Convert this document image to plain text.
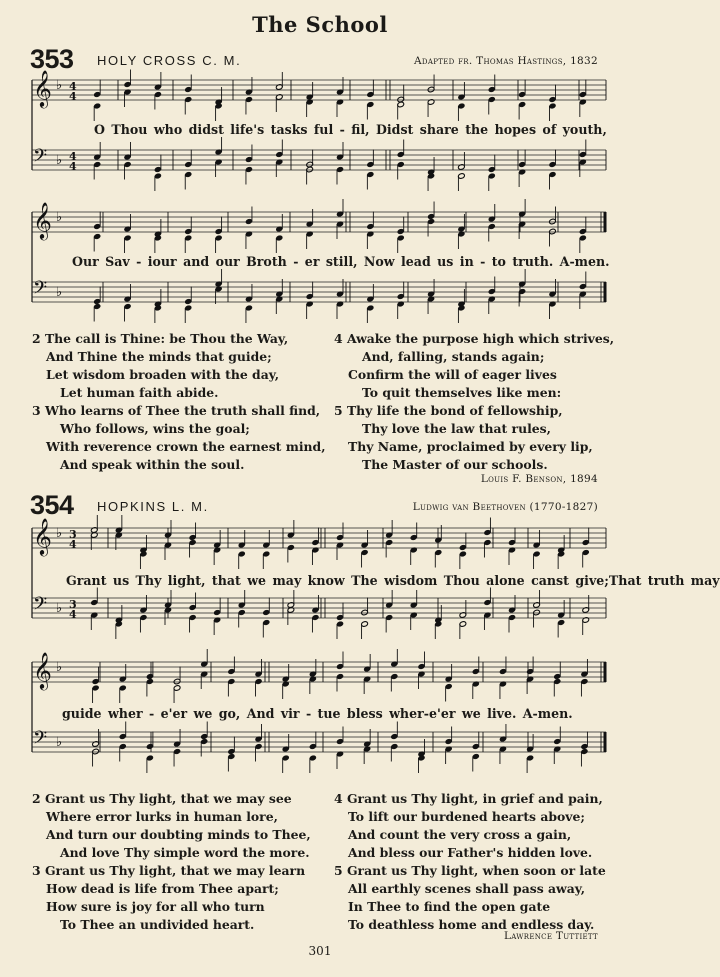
The School
353 HOLY CROSS C. M.	Adapted fr. Thomas Hastings, 1832
𝄞 ♭ 4
4
𝄢 ♭ 4
4
O Thou who didst life's tasks ful - fil, Didst share the hopes of youth,
𝄞 ♭
𝄢 ♭
Our Sav - iour and our Broth - er still, Now lead us in - to truth. A-men.
2 The call is Thine: be Thou the Way,
And Thine the minds that guide;
Let wisdom broaden with the day,
Let human faith abide.
3 Who learns of Thee the truth shall find,
Who follows, wins the goal;
With reverence crown the earnest mind,
And speak within the soul.
4 Awake the purpose high which strives,
And, falling, stands again;
Confirm the will of eager lives
To quit themselves like men:
5 Thy life the bond of fellowship,
Thy love the law that rules,
Thy Name, proclaimed by every lip,
The Master of our schools.
Louis F. Benson, 1894
354 HOPKINS L. M.	Ludwig van Beethoven (1770-1827)
𝄞 ♭ 3
4
𝄢 ♭ 3
4
Grant us Thy light, that we may know The wisdom Thou alone canst give;That truth may
𝄞 ♭
𝄢 ♭
guide wher - e'er we go, And vir - tue bless wher-e'er we live. A-men.
2 Grant us Thy light, that we may see
Where error lurks in human lore,
And turn our doubting minds to Thee,
And love Thy simple word the more.
3 Grant us Thy light, that we may learn
How dead is life from Thee apart;
How sure is joy for all who turn
To Thee an undivided heart.
4 Grant us Thy light, in grief and pain,
To lift our burdened hearts above;
And count the very cross a gain,
And bless our Father's hidden love.
5 Grant us Thy light, when soon or late
All earthly scenes shall pass away,
In Thee to find the open gate
To deathless home and endless day.
Lawrence Tuttiett
301
